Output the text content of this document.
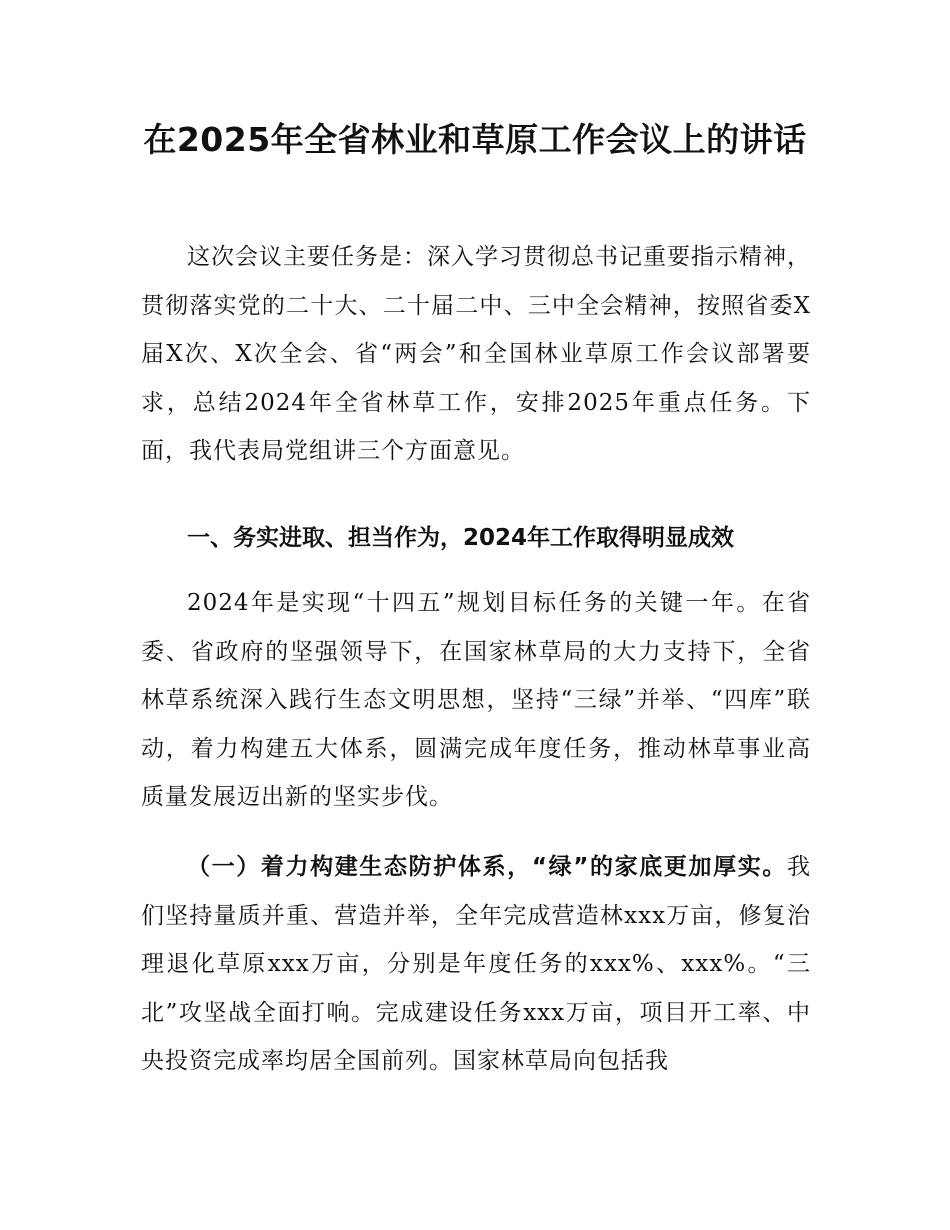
在2025年全省林业和草原工作会议上的讲话

这次会议主要任务是：深入学习贯彻总书记重要指示精神，贯彻落实党的二十大、二十届二中、三中全会精神，按照省委X届X次、X次全会、省“两会”和全国林业草原工作会议部署要求，总结2024年全省林草工作，安排2025年重点任务。下面，我代表局党组讲三个方面意见。

一、务实进取、担当作为，2024年工作取得明显成效

2024年是实现“十四五”规划目标任务的关键一年。在省委、省政府的坚强领导下，在国家林草局的大力支持下，全省林草系统深入践行生态文明思想，坚持“三绿”并举、“四库”联动，着力构建五大体系，圆满完成年度任务，推动林草事业高质量发展迈出新的坚实步伐。

（一）着力构建生态防护体系，“绿”的家底更加厚实。我们坚持量质并重、营造并举，全年完成营造林xxx万亩，修复治理退化草原xxx万亩，分别是年度任务的xxx%、xxx%。“三北”攻坚战全面打响。完成建设任务xxx万亩，项目开工率、中央投资完成率均居全国前列。国家林草局向包括我
